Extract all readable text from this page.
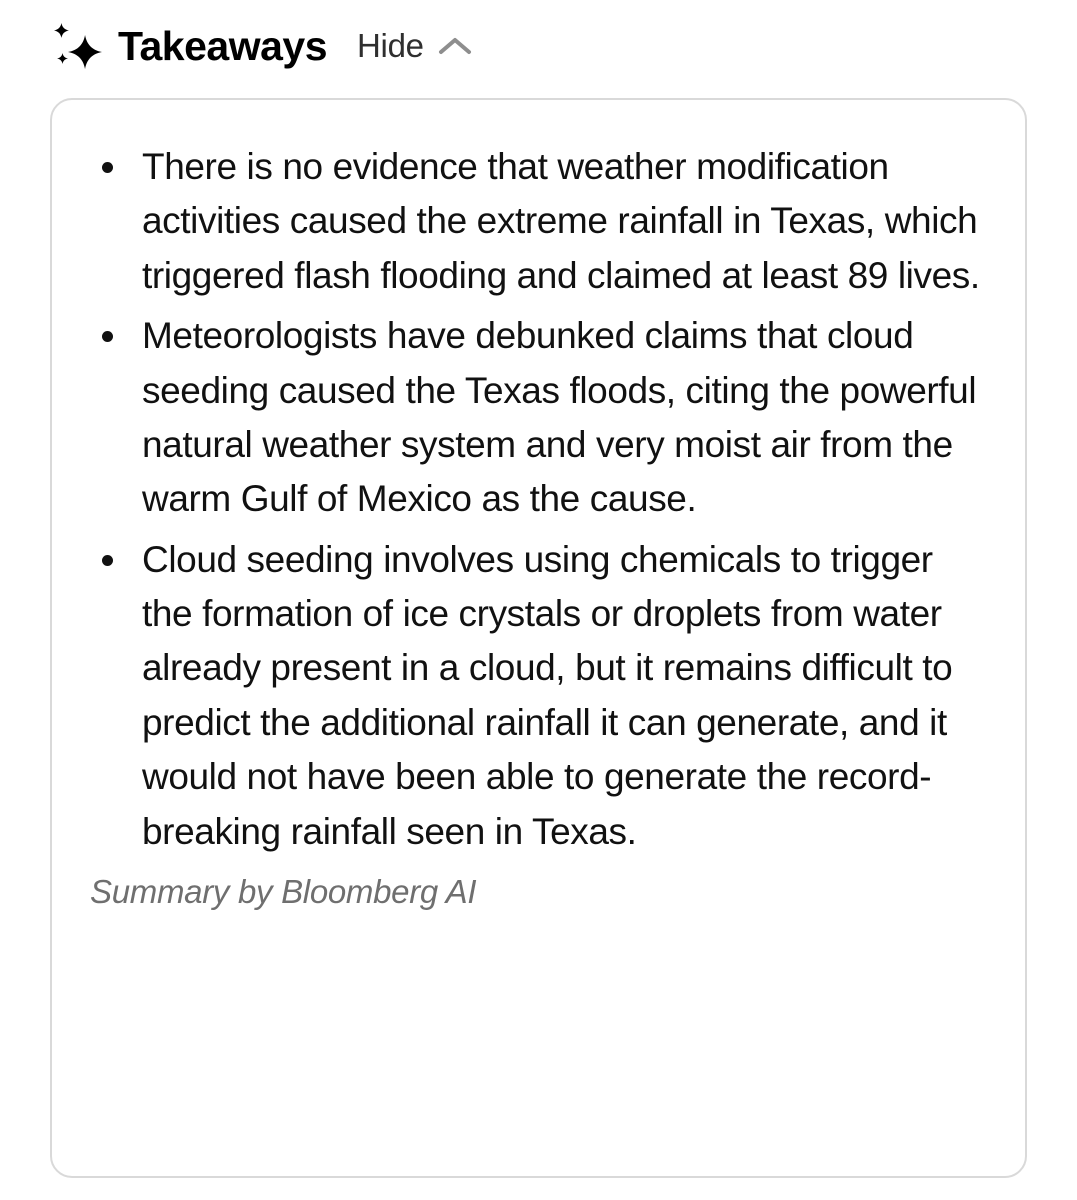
Takeaways Hide
There is no evidence that weather modification activities caused the extreme rainfall in Texas, which triggered flash flooding and claimed at least 89 lives.
Meteorologists have debunked claims that cloud seeding caused the Texas floods, citing the powerful natural weather system and very moist air from the warm Gulf of Mexico as the cause.
Cloud seeding involves using chemicals to trigger the formation of ice crystals or droplets from water already present in a cloud, but it remains difficult to predict the additional rainfall it can generate, and it would not have been able to generate the record-breaking rainfall seen in Texas.
Summary by Bloomberg AI
